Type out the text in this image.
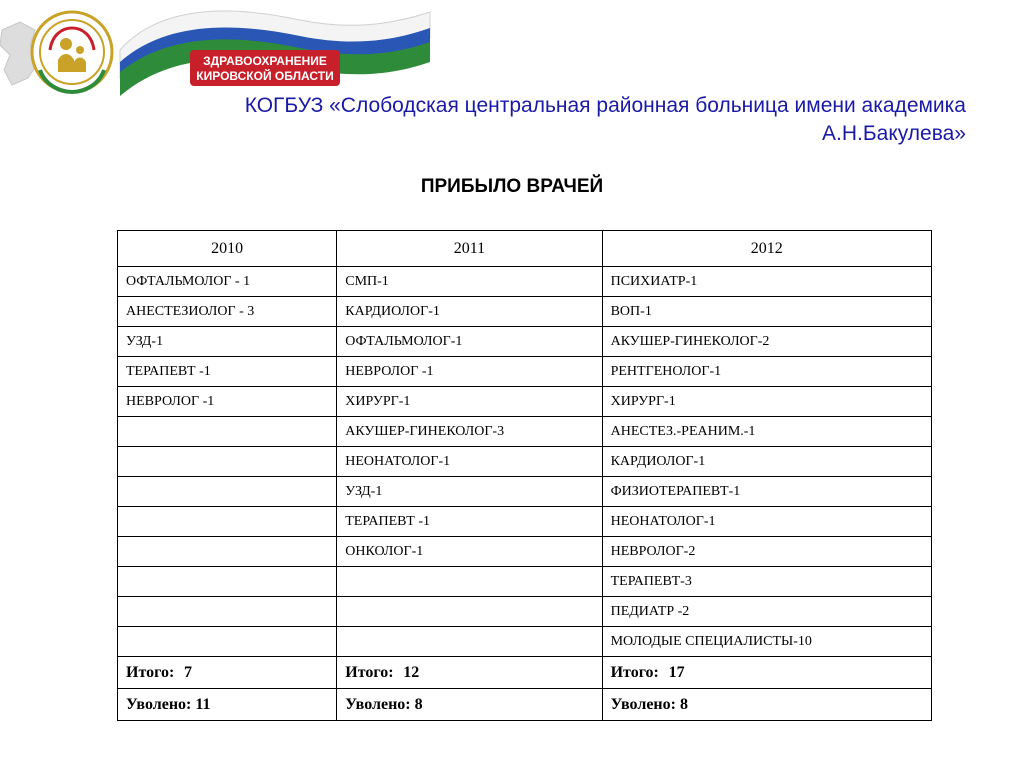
ЗДРАВООХРАНЕНИЕ
КИРОВСКОЙ ОБЛАСТИ
КОГБУЗ «Слободская центральная районная больница имени академика
А.Н.Бакулева»
ПРИБЫЛО ВРАЧЕЙ
2010	2011	2012
ОФТАЛЬМОЛОГ - 1	СМП-1	ПСИХИАТР-1
АНЕСТЕЗИОЛОГ - 3	КАРДИОЛОГ-1	ВОП-1
УЗД-1	ОФТАЛЬМОЛОГ-1	АКУШЕР-ГИНЕКОЛОГ-2
ТЕРАПЕВТ -1	НЕВРОЛОГ -1	РЕНТГЕНОЛОГ-1
НЕВРОЛОГ -1	ХИРУРГ-1	ХИРУРГ-1
	АКУШЕР-ГИНЕКОЛОГ-3	АНЕСТЕЗ.-РЕАНИМ.-1
	НЕОНАТОЛОГ-1	КАРДИОЛОГ-1
	УЗД-1	ФИЗИОТЕРАПЕВТ-1
	ТЕРАПЕВТ -1	НЕОНАТОЛОГ-1
	ОНКОЛОГ-1	НЕВРОЛОГ-2
		ТЕРАПЕВТ-3
		ПЕДИАТР -2
		МОЛОДЫЕ СПЕЦИАЛИСТЫ-10
Итого: 7	Итого: 12	Итого: 17
Уволено: 11	Уволено: 8	Уволено: 8
